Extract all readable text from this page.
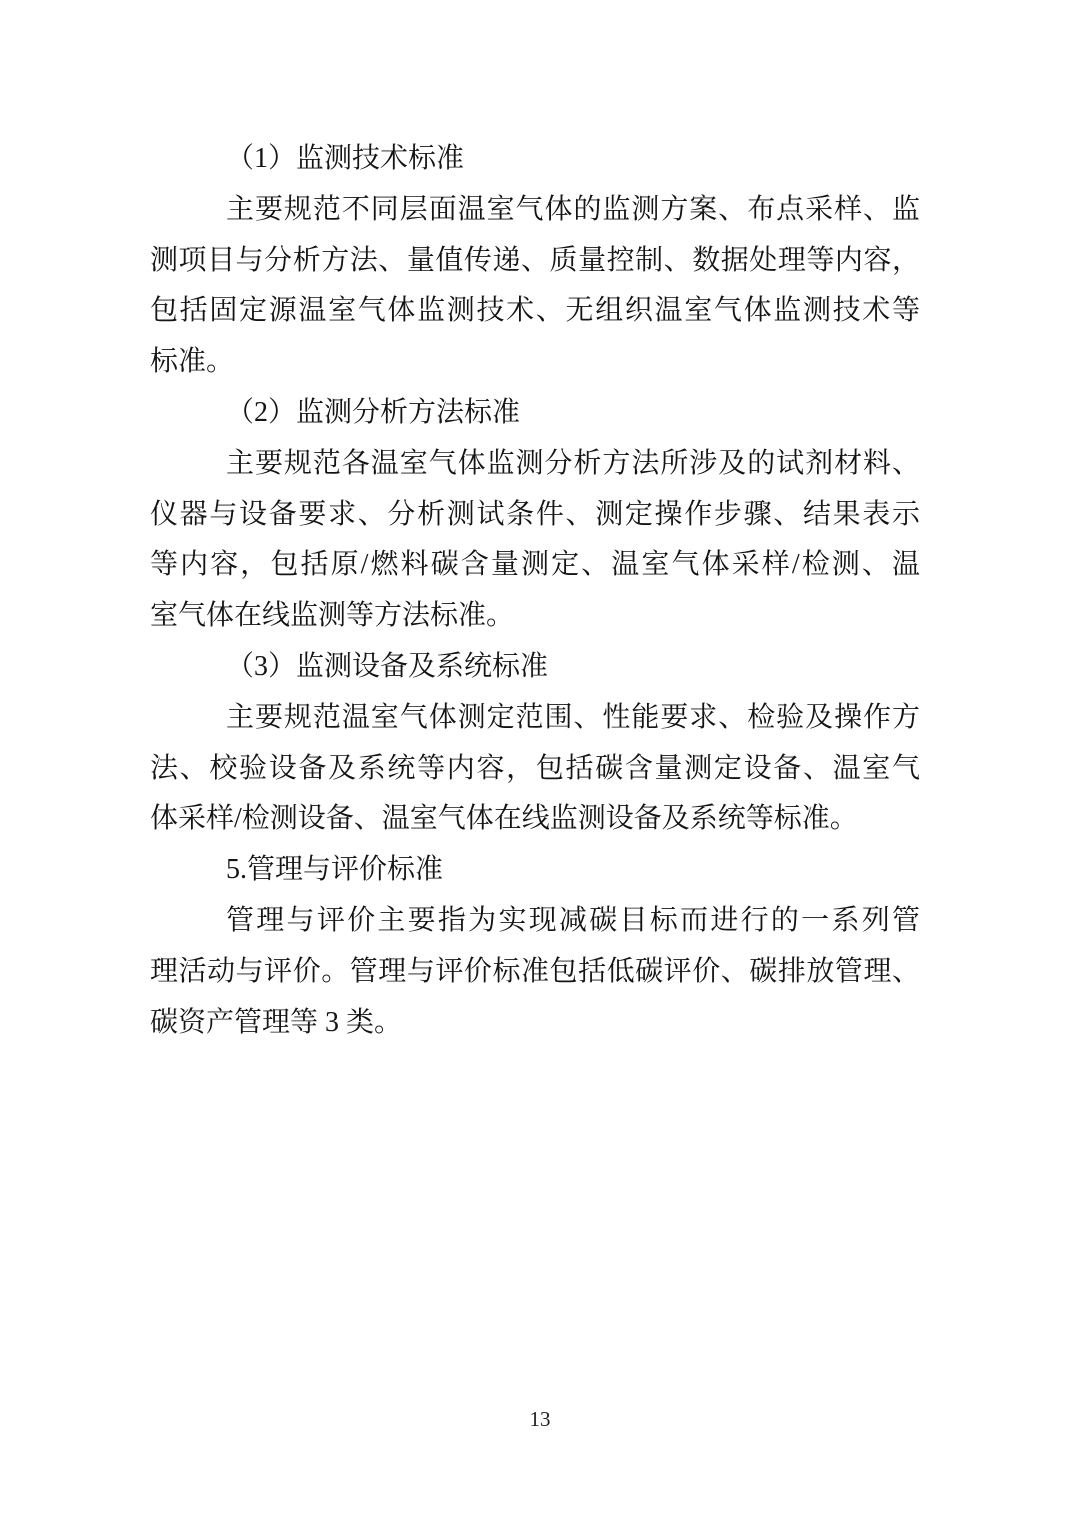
（1）监测技术标准
主要规范不同层面温室气体的监测方案、布点采样、监
测项目与分析方法、量值传递、质量控制、数据处理等内容，
包括固定源温室气体监测技术、无组织温室气体监测技术等
标准。
（2）监测分析方法标准
主要规范各温室气体监测分析方法所涉及的试剂材料、
仪器与设备要求、分析测试条件、测定操作步骤、结果表示
等内容，包括原/燃料碳含量测定、温室气体采样/检测、温
室气体在线监测等方法标准。
（3）监测设备及系统标准
主要规范温室气体测定范围、性能要求、检验及操作方
法、校验设备及系统等内容，包括碳含量测定设备、温室气
体采样/检测设备、温室气体在线监测设备及系统等标准。
5.管理与评价标准
管理与评价主要指为实现减碳目标而进行的一系列管
理活动与评价。管理与评价标准包括低碳评价、碳排放管理、
碳资产管理等 3 类。
13
